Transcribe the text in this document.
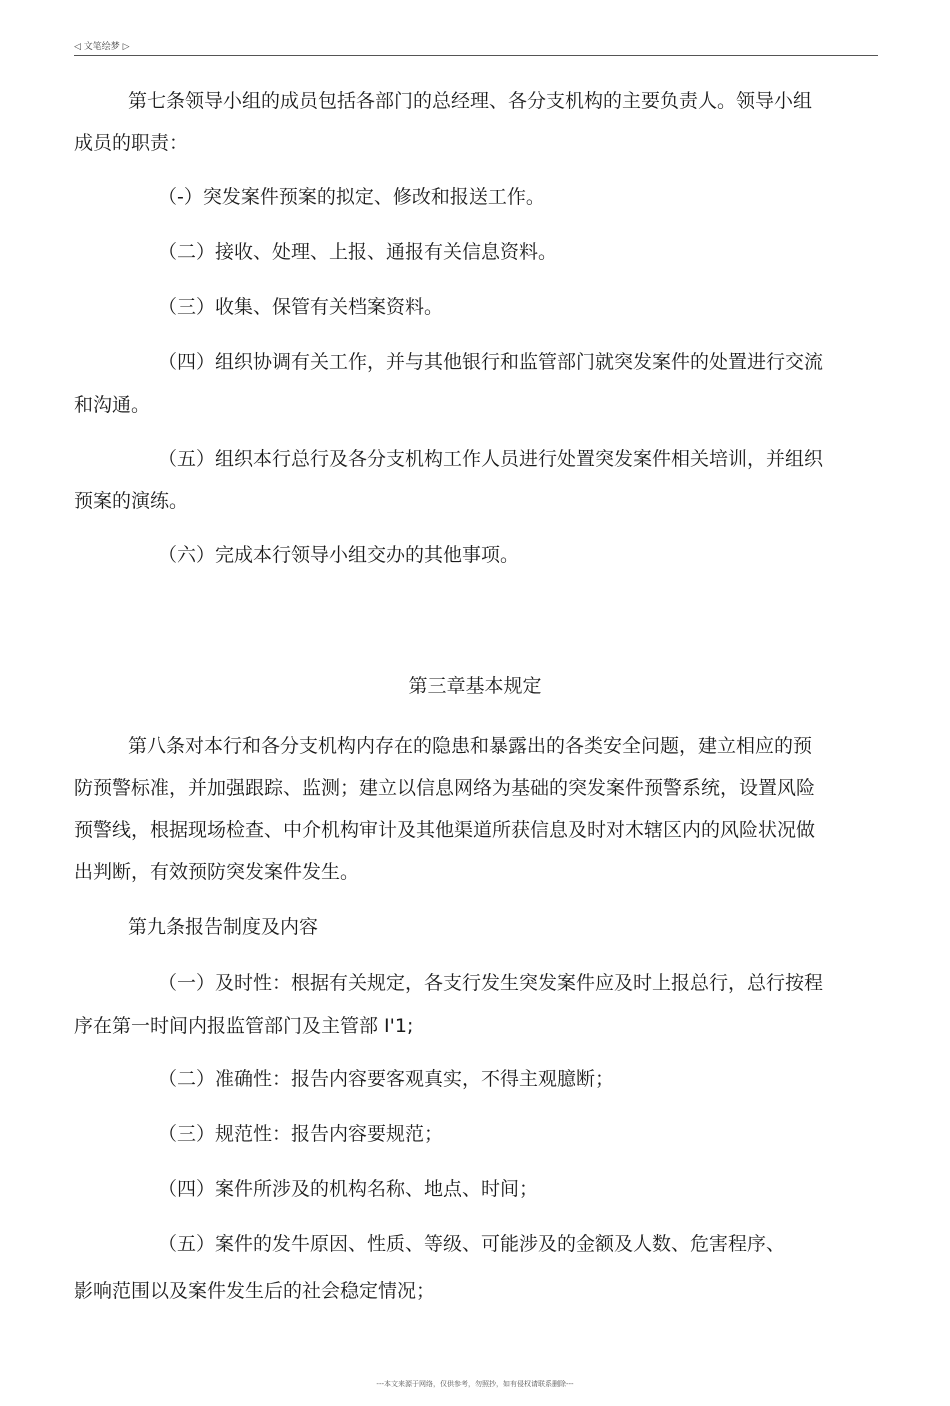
◁ 文笔绘梦 ▷
第七条领导小组的成员包括各部门的总经理、各分支机构的主要负责人。领导小组
成员的职责：
（-）突发案件预案的拟定、修改和报送工作。
（二）接收、处理、上报、通报有关信息资料。
（三）收集、保管有关档案资料。
（四）组织协调有关工作，并与其他银行和监管部门就突发案件的处置进行交流
和沟通。
（五）组织本行总行及各分支机构工作人员进行处置突发案件相关培训，并组织
预案的演练。
（六）完成本行领导小组交办的其他事项。
第三章基本规定
第八条对本行和各分支机构内存在的隐患和暴露出的各类安全问题，建立相应的预
防预警标准，并加强跟踪、监测；建立以信息网络为基础的突发案件预警系统，设置风险
预警线，根据现场检查、中介机构审计及其他渠道所获信息及时对木辖区内的风险状况做
出判断，有效预防突发案件发生。
第九条报告制度及内容
（一）及时性：根据有关规定，各支行发生突发案件应及时上报总行，总行按程
序在第一时间内报监管部门及主管部 I'1;
（二）准确性：报告内容要客观真实，不得主观臆断；
（三）规范性：报告内容要规范；
（四）案件所涉及的机构名称、地点、时间；
（五）案件的发牛原因、性质、等级、可能涉及的金额及人数、危害程序、
影响范围以及案件发生后的社会稳定情况；
---本文来源于网络，仅供参考，勿照抄，如有侵权请联系删除---
